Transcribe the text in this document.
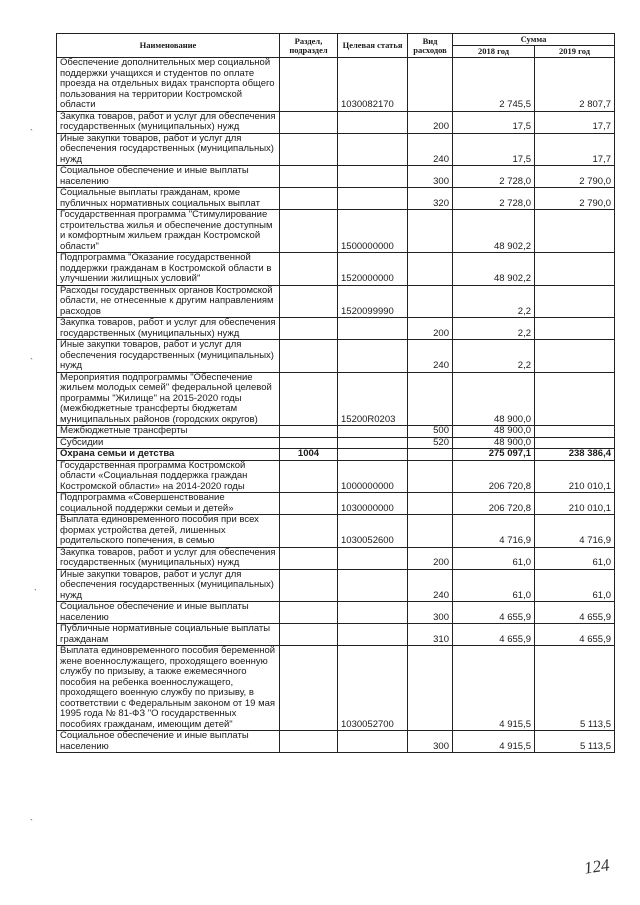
Наименование	Раздел, подраздел	Целевая статья	Вид расходов	Сумма	
				2018 год	2019 год
Обеспечение дополнительных мер социальной поддержки учащихся и студентов по оплате проезда на отдельных видах транспорта общего пользования на территории Костромской области		1030082170		2 745,5	2 807,7
Закупка товаров, работ и услуг для обеспечения государственных (муниципальных) нужд			200	17,5	17,7
Иные закупки товаров, работ и услуг для обеспечения государственных (муниципальных) нужд			240	17,5	17,7
Социальное обеспечение и иные выплаты населению			300	2 728,0	2 790,0
Социальные выплаты гражданам, кроме публичных нормативных социальных выплат			320	2 728,0	2 790,0
Государственная программа "Стимулирование строительства жилья и обеспечение доступным и комфортным жильем граждан Костромской области"		1500000000		48 902,2	
Подпрограмма "Оказание государственной поддержки гражданам в Костромской области в улучшении жилищных условий"		1520000000		48 902,2	
Расходы государственных органов Костромской области, не отнесенные к другим направлениям расходов		1520099990		2,2	
Закупка товаров, работ и услуг для обеспечения государственных (муниципальных) нужд			200	2,2	
Иные закупки товаров, работ и услуг для обеспечения государственных (муниципальных) нужд			240	2,2	
Мероприятия подпрограммы "Обеспечение жильем молодых семей" федеральной целевой программы "Жилище" на 2015-2020 годы (межбюджетные трансферты бюджетам муниципальных районов (городских округов)		15200R0203		48 900,0	
Межбюджетные трансферты			500	48 900,0	
Субсидии			520	48 900,0	
Охрана семьи и детства	1004			275 097,1	238 386,4
Государственная программа Костромской области «Социальная поддержка граждан Костромской области» на 2014-2020 годы		1000000000		206 720,8	210 010,1
Подпрограмма «Совершенствование социальной поддержки семьи и детей»		1030000000		206 720,8	210 010,1
Выплата единовременного пособия при всех формах устройства детей, лишенных родительского попечения, в семью		1030052600		4 716,9	4 716,9
Закупка товаров, работ и услуг для обеспечения государственных (муниципальных) нужд			200	61,0	61,0
Иные закупки товаров, работ и услуг для обеспечения государственных (муниципальных) нужд			240	61,0	61,0
Социальное обеспечение и иные выплаты населению			300	4 655,9	4 655,9
Публичные нормативные социальные выплаты гражданам			310	4 655,9	4 655,9
Выплата единовременного пособия беременной жене военнослужащего, проходящего военную службу по призыву, а также ежемесячного пособия на ребенка военнослужащего, проходящего военную службу по призыву, в соответствии с Федеральным законом от 19 мая 1995 года № 81-ФЗ "О государственных пособиях гражданам, имеющим детей"		1030052700		4 915,5	5 113,5
Социальное обеспечение и иные выплаты населению			300	4 915,5	5 113,5
`
`
`
`
124
